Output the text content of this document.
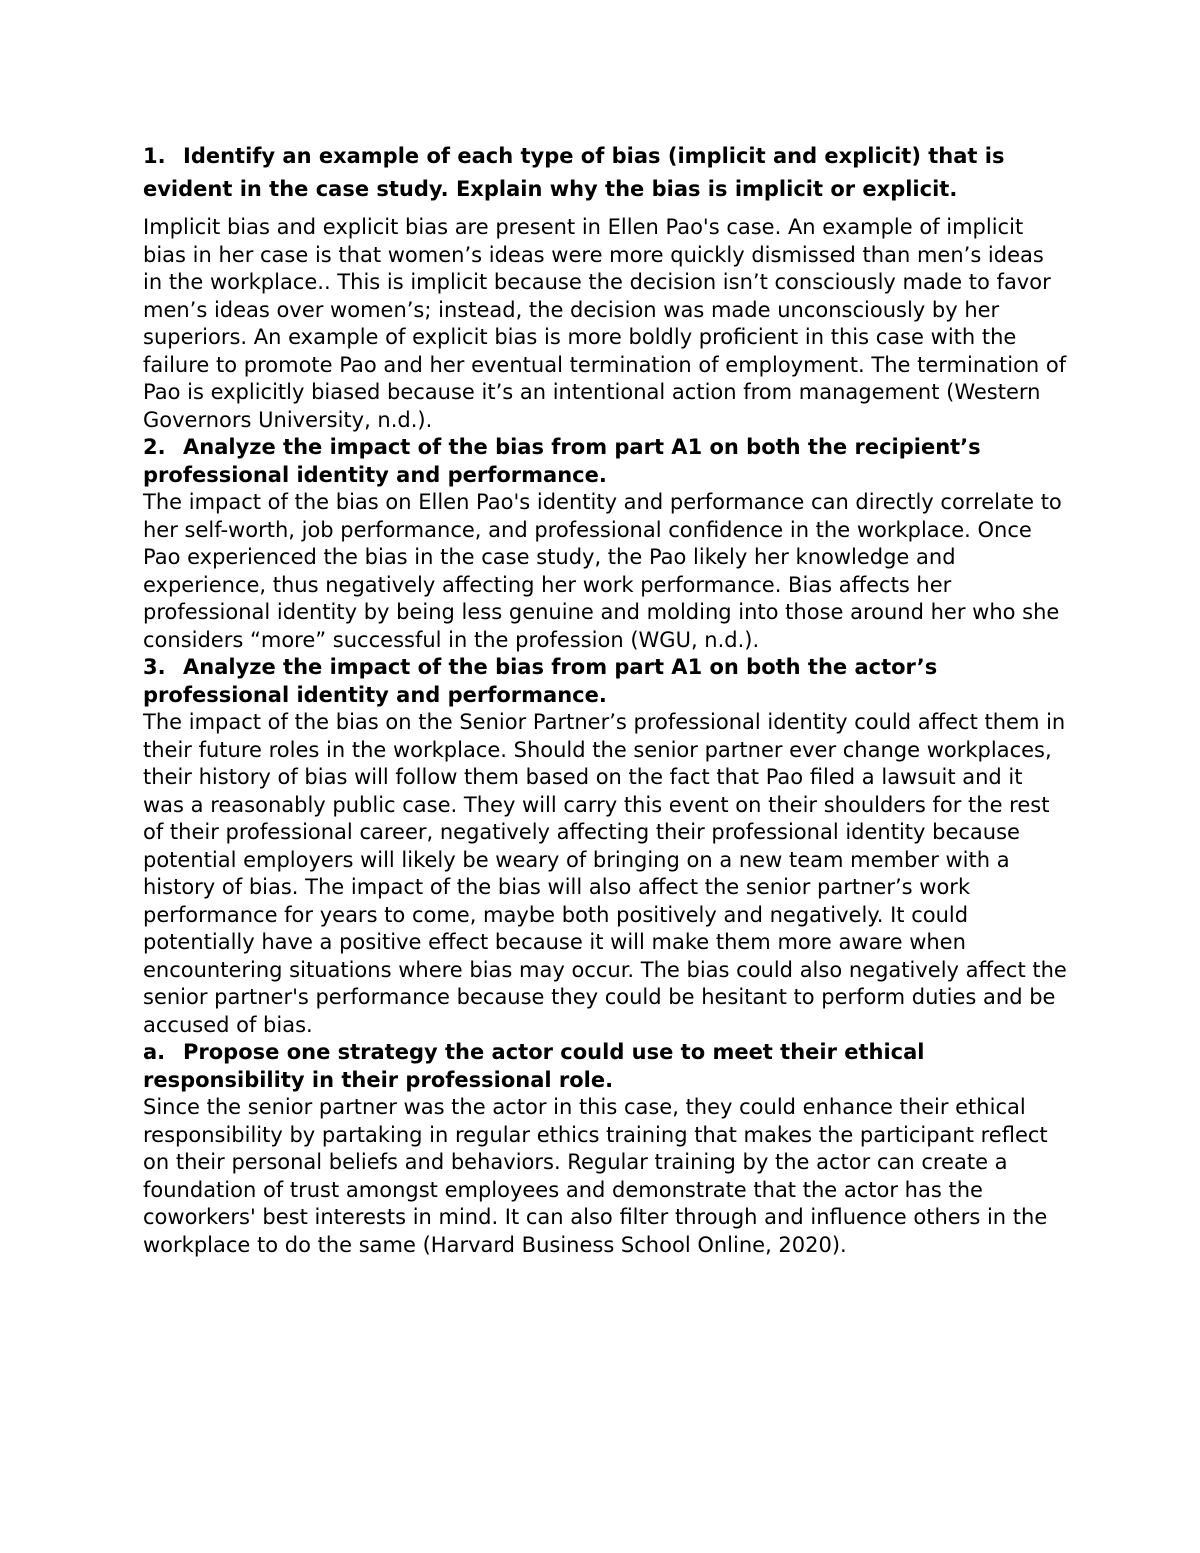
1. Identify an example of each type of bias (implicit and explicit) that is evident in the case study. Explain why the bias is implicit or explicit.

Implicit bias and explicit bias are present in Ellen Pao's case. An example of implicit bias in her case is that women’s ideas were more quickly dismissed than men’s ideas in the workplace.. This is implicit because the decision isn’t consciously made to favor men’s ideas over women’s; instead, the decision was made unconsciously by her superiors. An example of explicit bias is more boldly proficient in this case with the failure to promote Pao and her eventual termination of employment. The termination of Pao is explicitly biased because it’s an intentional action from management (Western Governors University, n.d.).

2. Analyze the impact of the bias from part A1 on both the recipient’s professional identity and performance.

The impact of the bias on Ellen Pao's identity and performance can directly correlate to her self-worth, job performance, and professional confidence in the workplace. Once Pao experienced the bias in the case study, the Pao likely her knowledge and experience, thus negatively affecting her work performance. Bias affects her professional identity by being less genuine and molding into those around her who she considers “more” successful in the profession (WGU, n.d.).

3. Analyze the impact of the bias from part A1 on both the actor’s professional identity and performance.

The impact of the bias on the Senior Partner’s professional identity could affect them in their future roles in the workplace. Should the senior partner ever change workplaces, their history of bias will follow them based on the fact that Pao filed a lawsuit and it was a reasonably public case. They will carry this event on their shoulders for the rest of their professional career, negatively affecting their professional identity because potential employers will likely be weary of bringing on a new team member with a history of bias. The impact of the bias will also affect the senior partner’s work performance for years to come, maybe both positively and negatively. It could potentially have a positive effect because it will make them more aware when encountering situations where bias may occur. The bias could also negatively affect the senior partner's performance because they could be hesitant to perform duties and be accused of bias.

a. Propose one strategy the actor could use to meet their ethical responsibility in their professional role.

Since the senior partner was the actor in this case, they could enhance their ethical responsibility by partaking in regular ethics training that makes the participant reflect on their personal beliefs and behaviors. Regular training by the actor can create a foundation of trust amongst employees and demonstrate that the actor has the coworkers' best interests in mind. It can also filter through and influence others in the workplace to do the same (Harvard Business School Online, 2020).
